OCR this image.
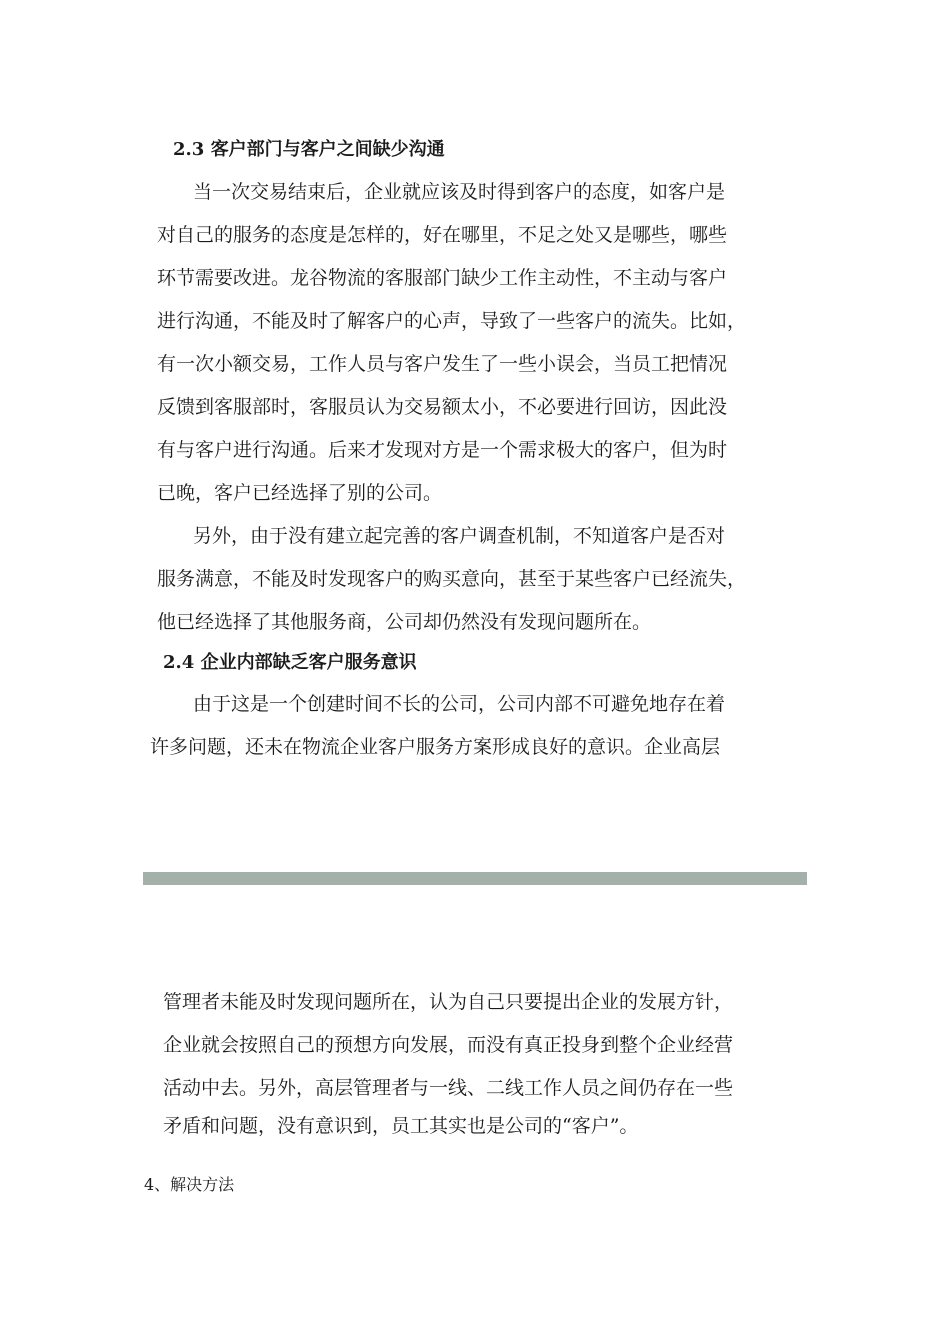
2.3 客户部门与客户之间缺少沟通
当一次交易结束后，企业就应该及时得到客户的态度，如客户是
对自己的服务的态度是怎样的，好在哪里，不足之处又是哪些，哪些
环节需要改进。龙谷物流的客服部门缺少工作主动性，不主动与客户
进行沟通，不能及时了解客户的心声，导致了一些客户的流失。比如，
有一次小额交易，工作人员与客户发生了一些小误会，当员工把情况
反馈到客服部时，客服员认为交易额太小，不必要进行回访，因此没
有与客户进行沟通。后来才发现对方是一个需求极大的客户，但为时
已晚，客户已经选择了别的公司。
另外，由于没有建立起完善的客户调查机制，不知道客户是否对
服务满意，不能及时发现客户的购买意向，甚至于某些客户已经流失，
他已经选择了其他服务商，公司却仍然没有发现问题所在。
2.4 企业内部缺乏客户服务意识
由于这是一个创建时间不长的公司，公司内部不可避免地存在着
许多问题，还未在物流企业客户服务方案形成良好的意识。企业高层
管理者未能及时发现问题所在，认为自己只要提出企业的发展方针，
企业就会按照自己的预想方向发展，而没有真正投身到整个企业经营
活动中去。另外，高层管理者与一线、二线工作人员之间仍存在一些
矛盾和问题，没有意识到，员工其实也是公司的“客户”。
4、解决方法
